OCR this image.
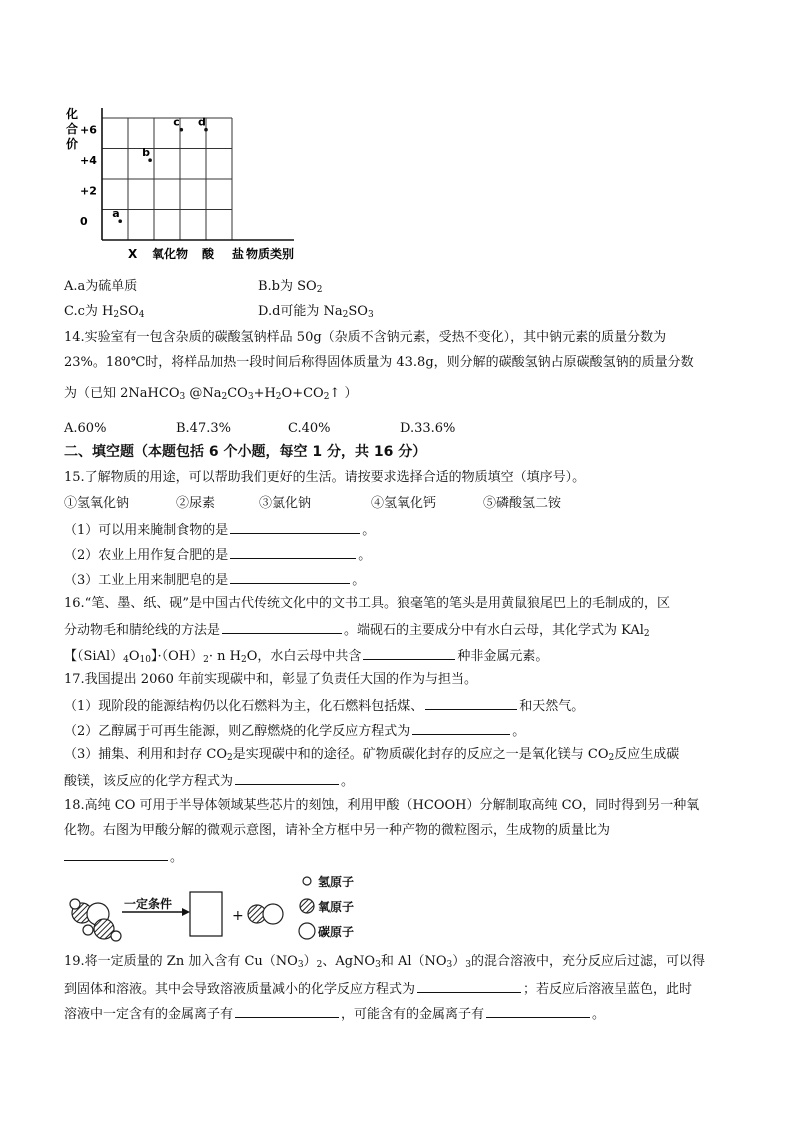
化
合
价
+6
+4
+2
0
X 氧化物 酸 盐 物质类别
a
b
c d
A.a为硫单质	B.b为 $SO_2$
C.c为 $H_2SO_4$	D.d可能为 $Na_2SO_3$
14.实验室有一包含杂质的碳酸氢钠样品 50g（杂质不含钠元素，受热不变化），其中钠元素的质量分数为
23%。180℃时，将样品加热一段时间后称得固体质量为 43.8g，则分解的碳酸氢钠占原碳酸氢钠的质量分数
为（已知 2NaHCO$_3$ $@Na_2CO_3+H_2O+CO_2↑$ ）
A.60%	B.47.3%	C.40%	D.33.6%
二、填空题（本题包括 6 个小题，每空 1 分，共 16 分）
15.了解物质的用途，可以帮助我们更好的生活。请按要求选择合适的物质填空（填序号）。
①氢氧化钠	②尿素	③氯化钠	④氢氧化钙	⑤磷酸氢二铵
（1）可以用来腌制食物的是	。
（2）农业上用作复合肥的是	。
（3）工业上用来制肥皂的是	。
16.“笔、墨、纸、砚”是中国古代传统文化中的文书工具。狼毫笔的笔头是用黄鼠狼尾巴上的毛制成的，区
分动物毛和腈纶线的方法是	。端砚石的主要成分中有水白云母，其化学式为 KAl$_2$
【$(SiAl)_4O_{10}$】$\cdot(OH)_2\cdot n$ $H_2O$，水白云母中共含	种非金属元素。
17.我国提出 2060 年前实现碳中和，彰显了负责任大国的作为与担当。
（1）现阶段的能源结构仍以化石燃料为主，化石燃料包括煤、	和天然气。
（2）乙醇属于可再生能源，则乙醇燃烧的化学反应方程式为	。
（3）捕集、利用和封存 $CO_2$是实现碳中和的途径。矿物质碳化封存的反应之一是氧化镁与 $CO_2$反应生成碳
酸镁，该反应的化学方程式为	。
18.高纯 CO 可用于半导体领域某些芯片的刻蚀，利用甲酸（HCOOH）分解制取高纯 CO，同时得到另一种氧
化物。右图为甲酸分解的微观示意图，请补全方框中另一种产物的微粒图示，生成物的质量比为
。
一定条件
+
氢原子
氧原子
碳原子
19.将一定质量的 Zn 加入含有 $Cu(NO_3)_2$、AgNO$_3$和 $Al(NO_3)_3$的混合溶液中，充分反应后过滤，可以得
到固体和溶液。其中会导致溶液质量减小的化学反应方程式为	；若反应后溶液呈蓝色，此时
溶液中一定含有的金属离子有	，可能含有的金属离子有	。
